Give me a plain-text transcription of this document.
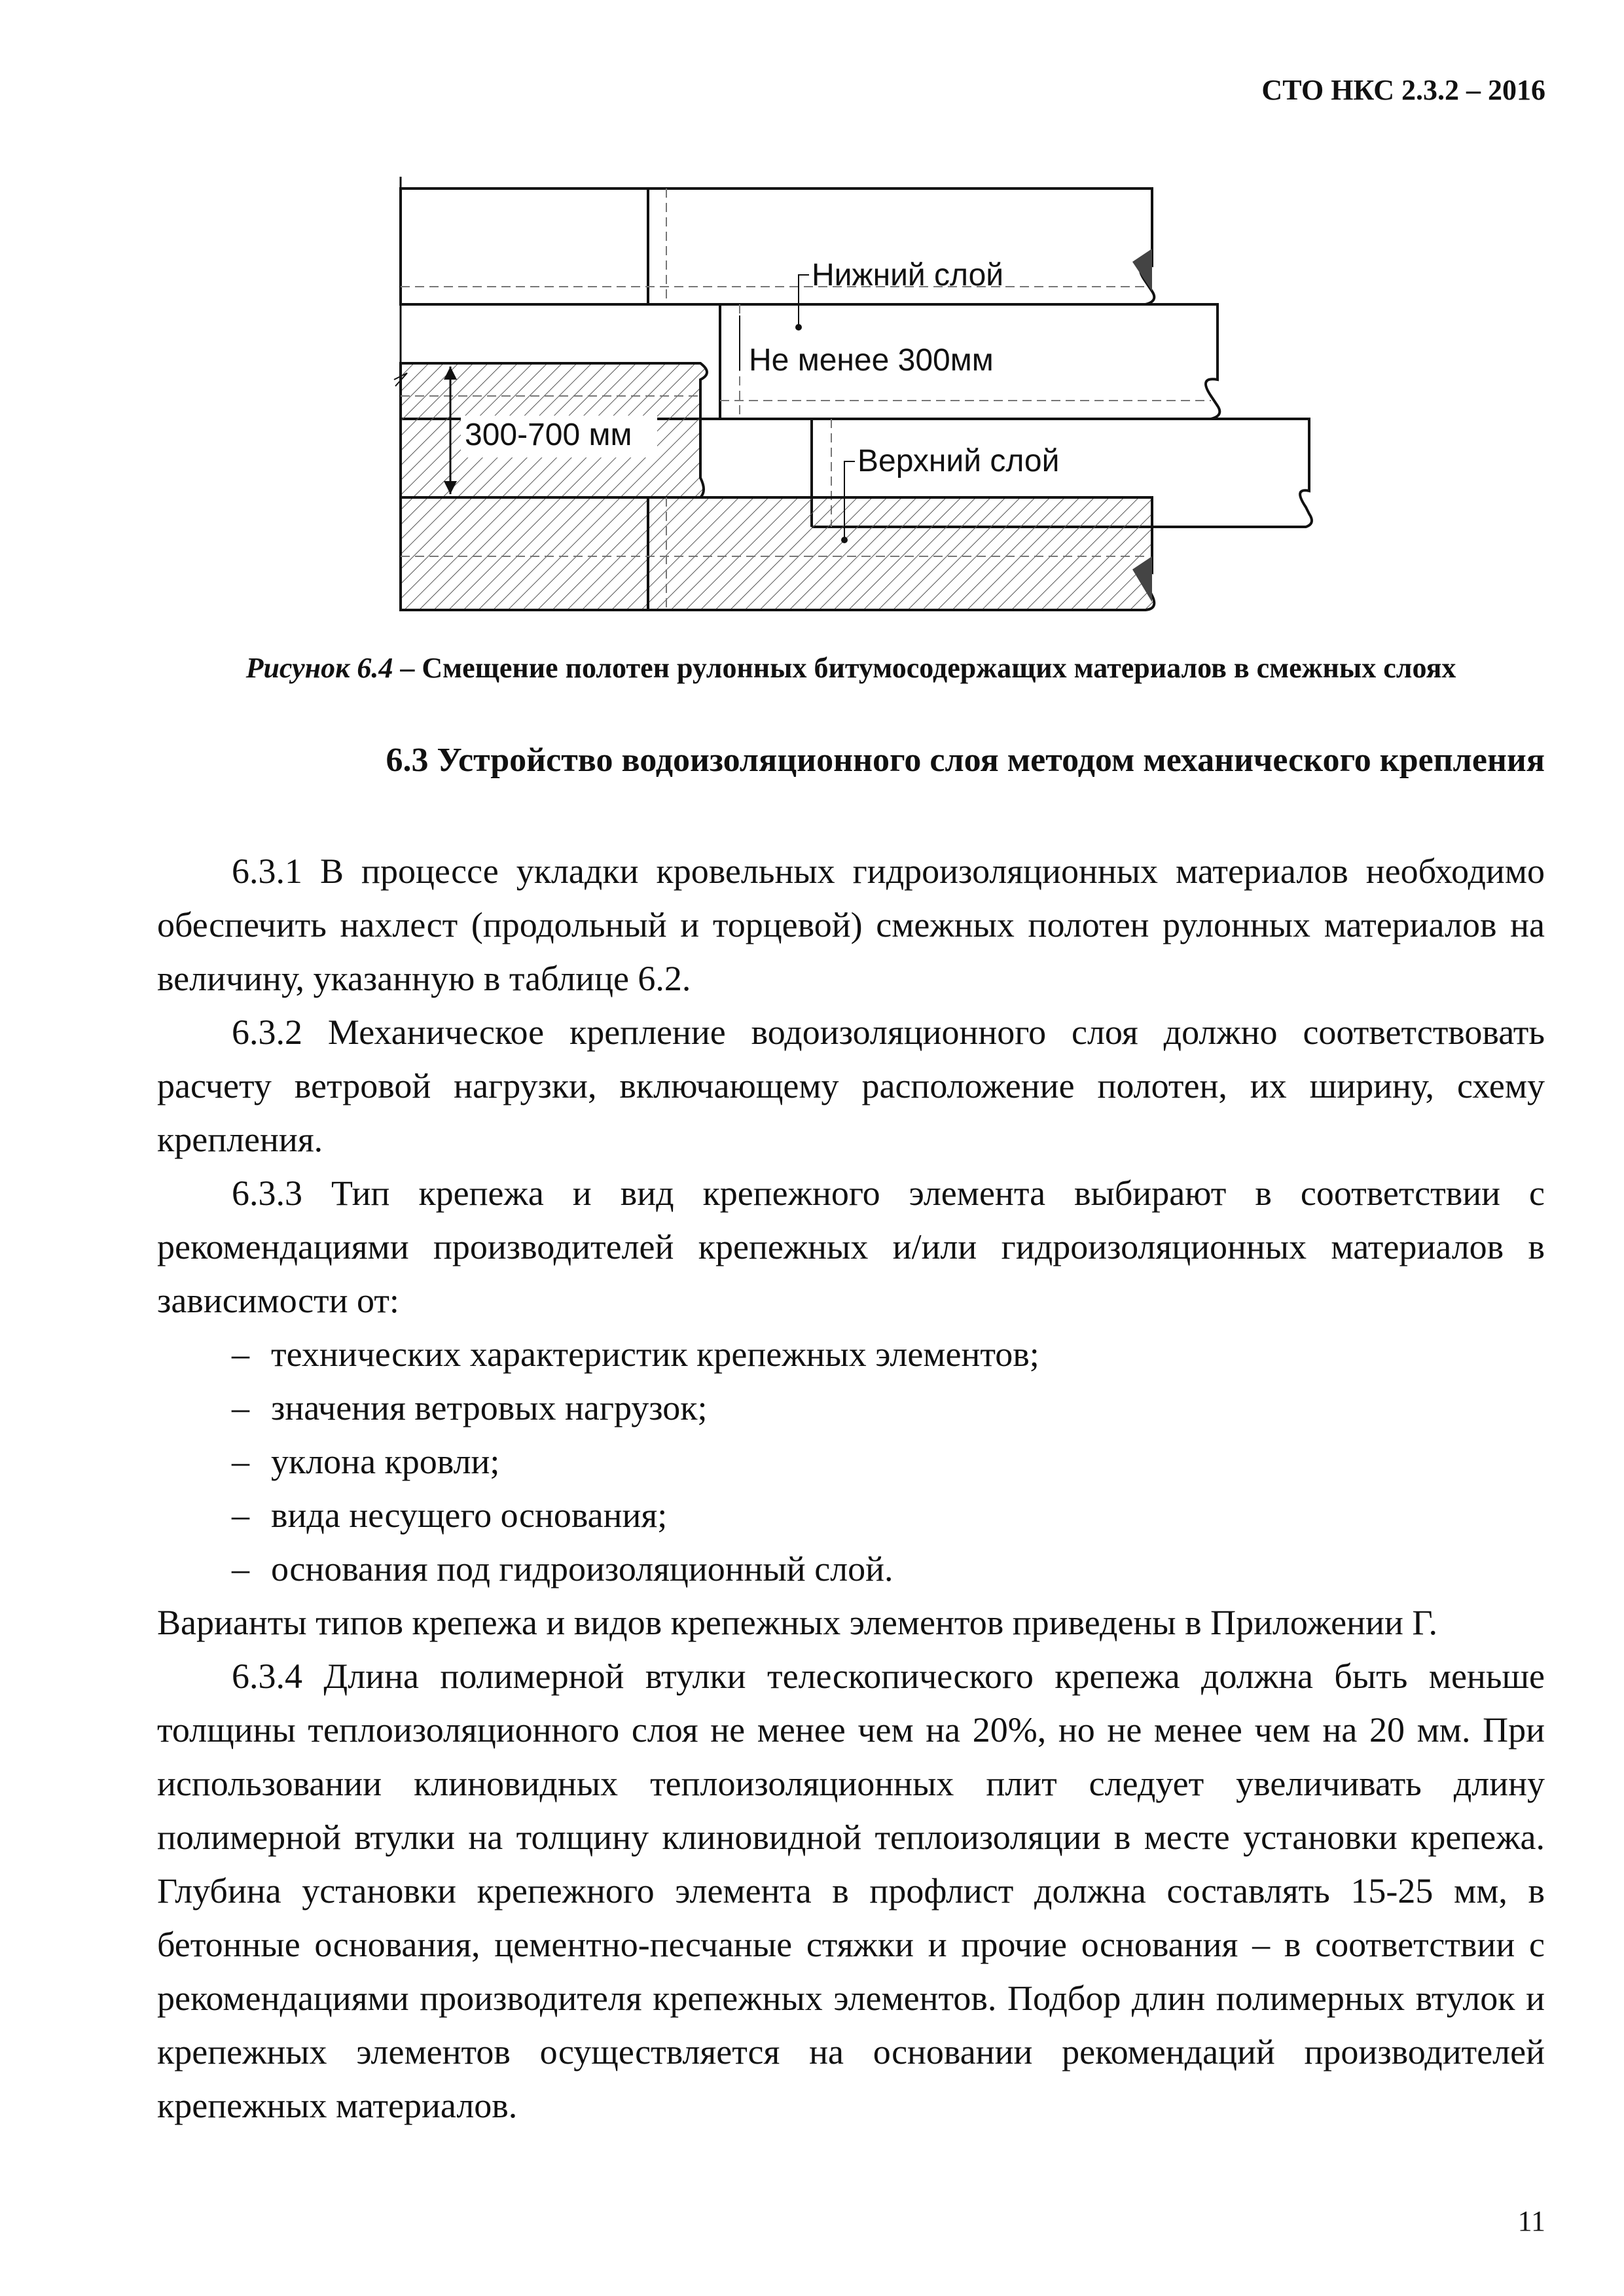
СТО НКС 2.3.2 – 2016
Нижний слой
Не менее 300мм
300-700 мм
Верхний слой
Рисунок 6.4 – Смещение полотен рулонных битумосодержащих материалов в смежных слоях
6.3 Устройство водоизоляционного слоя методом механического крепления

6.3.1 В процессе укладки кровельных гидроизоляционных материалов необходимо обеспечить нахлест (продольный и торцевой) смежных полотен рулонных материалов на величину, указанную в таблице 6.2.

6.3.2 Механическое крепление водоизоляционного слоя должно соответствовать расчету ветровой нагрузки, включающему расположение полотен, их ширину, схему крепления.

6.3.3 Тип крепежа и вид крепежного элемента выбирают в соответствии с рекомендациями производителей крепежных и/или гидроизоляционных материалов в зависимости от:

– технических характеристик крепежных элементов;
– значения ветровых нагрузок;
– уклона кровли;
– вида несущего основания;
– основания под гидроизоляционный слой.

Варианты типов крепежа и видов крепежных элементов приведены в Приложении Г.

6.3.4 Длина полимерной втулки телескопического крепежа должна быть меньше толщины теплоизоляционного слоя не менее чем на 20%, но не менее чем на 20 мм. При использовании клиновидных теплоизоляционных плит следует увеличивать длину полимерной втулки на толщину клиновидной теплоизоляции в месте установки крепежа. Глубина установки крепежного элемента в профлист должна составлять 15-25 мм, в бетонные основания, цементно-песчаные стяжки и прочие основания – в соответствии с рекомендациями производителя крепежных элементов. Подбор длин полимерных втулок и крепежных элементов осуществляется на основании рекомендаций производителей крепежных материалов.

11
